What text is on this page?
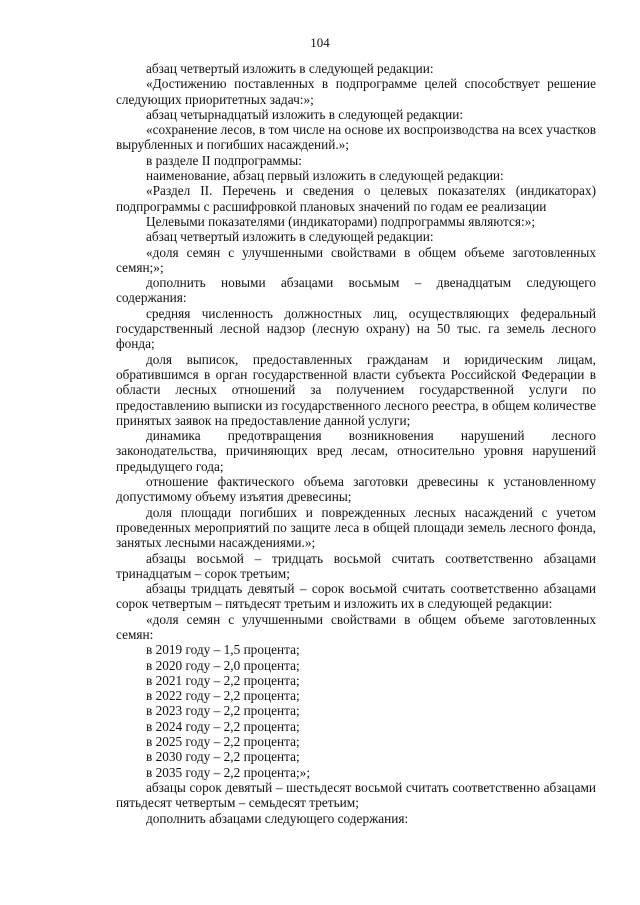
104

абзац четвертый изложить в следующей редакции:

«Достижению поставленных в подпрограмме целей способствует решение следующих приоритетных задач:»;

абзац четырнадцатый изложить в следующей редакции:

«сохранение лесов, в том числе на основе их воспроизводства на всех участков вырубленных и погибших насаждений.»;

в разделе II подпрограммы:

наименование, абзац первый изложить в следующей редакции:

«Раздел II. Перечень и сведения о целевых показателях (индикаторах) подпрограммы с расшифровкой плановых значений по годам ее реализации

Целевыми показателями (индикаторами) подпрограммы являются:»;

абзац четвертый изложить в следующей редакции:

«доля семян с улучшенными свойствами в общем объеме заготовленных семян;»;

дополнить новыми абзацами восьмым – двенадцатым следующего содержания:

средняя численность должностных лиц, осуществляющих федеральный государственный лесной надзор (лесную охрану) на 50 тыс. га земель лесного фонда;

доля выписок, предоставленных гражданам и юридическим лицам, обратившимся в орган государственной власти субъекта Российской Федерации в области лесных отношений за получением государственной услуги по предоставлению выписки из государственного лесного реестра, в общем количестве принятых заявок на предоставление данной услуги;

динамика предотвращения возникновения нарушений лесного законодательства, причиняющих вред лесам, относительно уровня нарушений предыдущего года;

отношение фактического объема заготовки древесины к установленному допустимому объему изъятия древесины;

доля площади погибших и поврежденных лесных насаждений с учетом проведенных мероприятий по защите леса в общей площади земель лесного фонда, занятых лесными насаждениями.»;

абзацы восьмой – тридцать восьмой считать соответственно абзацами тринадцатым – сорок третьим;

абзацы тридцать девятый – сорок восьмой считать соответственно абзацами сорок четвертым – пятьдесят третьим и изложить их в следующей редакции:

«доля семян с улучшенными свойствами в общем объеме заготовленных семян:

в 2019 году – 1,5 процента;
в 2020 году – 2,0 процента;
в 2021 году – 2,2 процента;
в 2022 году – 2,2 процента;
в 2023 году – 2,2 процента;
в 2024 году – 2,2 процента;
в 2025 году – 2,2 процента;
в 2030 году – 2,2 процента;
в 2035 году – 2,2 процента;»;

абзацы сорок девятый – шестьдесят восьмой считать соответственно абзацами пятьдесят четвертым – семьдесят третьим;

дополнить абзацами следующего содержания:
